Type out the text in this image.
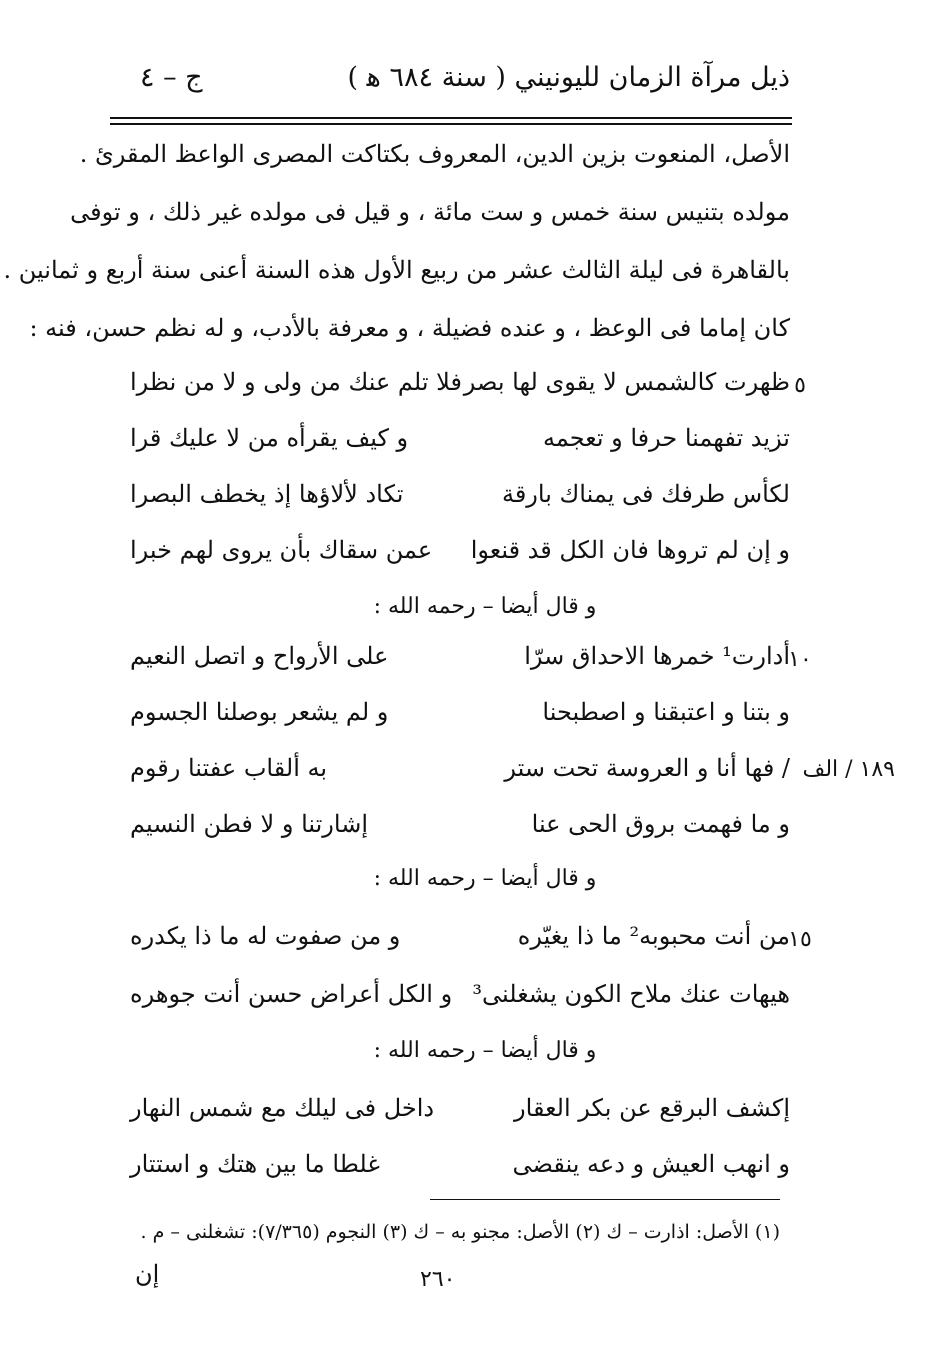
ذيل مرآة الزمان لليونيني ( سنة ٦٨٤ ﻫ )
ج – ٤
الأصل، المنعوت بزين الدين، المعروف بكتاكت المصرى الواعظ المقرئ .
مولده بتنيس سنة خمس و ست مائة ، و قيل فى مولده غير ذلك ، و توفى
بالقاهرة فى ليلة الثالث عشر من ربيع الأول هذه السنة أعنى سنة أربع و ثمانين .
كان إماما فى الوعظ ، و عنده فضيلة ، و معرفة بالأدب، و له نظم حسن، فنه :
٥
ظهرت كالشمس لا يقوى لها بصر
فلا تلم عنك من ولى و لا من نظرا
تزيد تفهمنا حرفا و تعجمه
و كيف يقرأه من لا عليك قرا
لكأس طرفك فى يمناك بارقة
تكاد لألاؤها إذ يخطف البصرا
و إن لم تروها فان الكل قد قنعوا
عمن سقاك بأن يروى لهم خبرا
و قال أيضا – رحمه الله :
١٠
أدارت¹ خمرها الاحداق سرّا
على الأرواح و اتصل النعيم
و بتنا و اعتبقنا و اصطبحنا
و لم يشعر بوصلنا الجسوم
١٨٩ / الف
/ فها أنا و العروسة تحت ستر
به ألقاب عفتنا رقوم
و ما فهمت بروق الحى عنا
إشارتنا و لا فطن النسيم
و قال أيضا – رحمه الله :
١٥
من أنت محبوبه² ما ذا يغيّره
و من صفوت له ما ذا يكدره
هيهات عنك ملاح الكون يشغلنى³
و الكل أعراض حسن أنت جوهره
و قال أيضا – رحمه الله :
إكشف البرقع عن بكر العقار
داخل فى ليلك مع شمس النهار
و انهب العيش و دعه ينقضى
غلطا ما بين هتك و استتار
(١) الأصل: اذارت – ك (٢) الأصل: مجنو به – ك (٣) النجوم (٧/٣٦٥): تشغلنى – م .
إن	٢٦٠
